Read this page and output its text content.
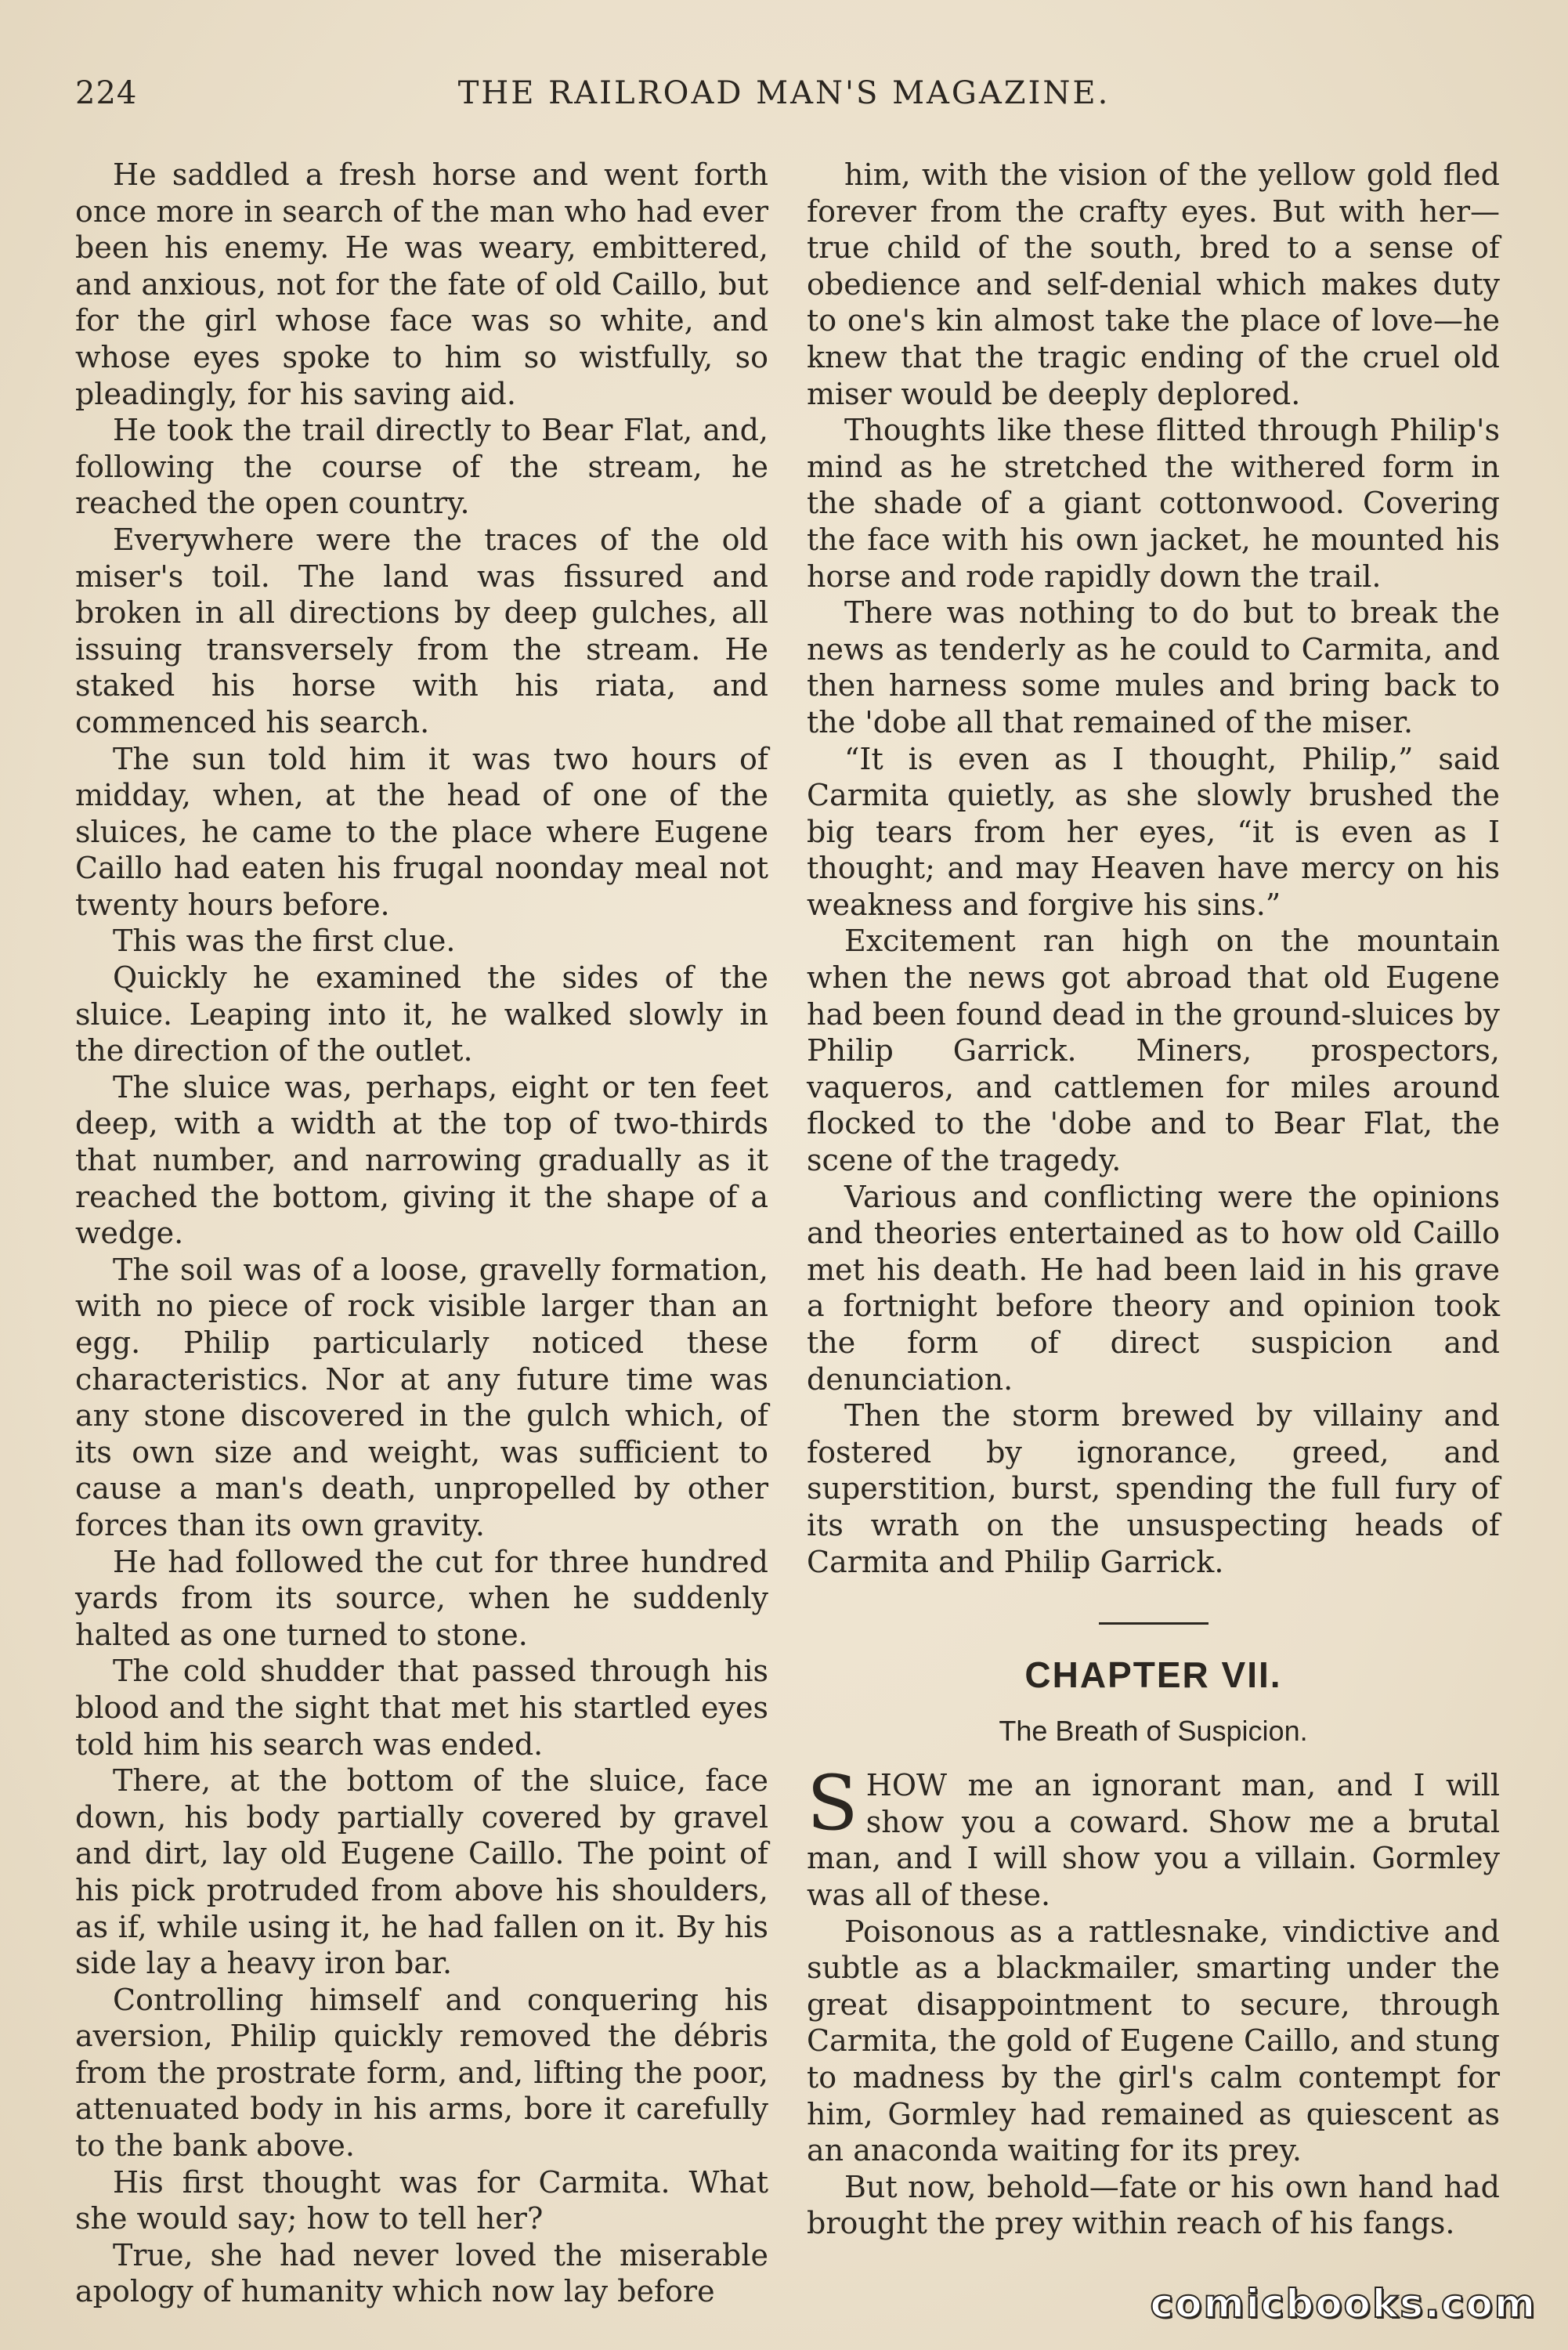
224	THE RAILROAD MAN'S MAGAZINE.

He saddled a fresh horse and went forth once more in search of the man who had ever been his enemy. He was weary, embittered, and anxious, not for the fate of old Caillo, but for the girl whose face was so white, and whose eyes spoke to him so wistfully, so pleadingly, for his saving aid.

He took the trail directly to Bear Flat, and, following the course of the stream, he reached the open country.

Everywhere were the traces of the old miser's toil. The land was fissured and broken in all directions by deep gulches, all issuing transversely from the stream. He staked his horse with his riata, and commenced his search.

The sun told him it was two hours of midday, when, at the head of one of the sluices, he came to the place where Eugene Caillo had eaten his frugal noonday meal not twenty hours before.

This was the first clue.

Quickly he examined the sides of the sluice. Leaping into it, he walked slowly in the direction of the outlet.

The sluice was, perhaps, eight or ten feet deep, with a width at the top of two-thirds that number, and narrowing gradually as it reached the bottom, giving it the shape of a wedge.

The soil was of a loose, gravelly formation, with no piece of rock visible larger than an egg. Philip particularly noticed these characteristics. Nor at any future time was any stone discovered in the gulch which, of its own size and weight, was sufficient to cause a man's death, unpropelled by other forces than its own gravity.

He had followed the cut for three hundred yards from its source, when he suddenly halted as one turned to stone.

The cold shudder that passed through his blood and the sight that met his startled eyes told him his search was ended.

There, at the bottom of the sluice, face down, his body partially covered by gravel and dirt, lay old Eugene Caillo. The point of his pick protruded from above his shoulders, as if, while using it, he had fallen on it. By his side lay a heavy iron bar.

Controlling himself and conquering his aversion, Philip quickly removed the débris from the prostrate form, and, lifting the poor, attenuated body in his arms, bore it carefully to the bank above.

His first thought was for Carmita. What she would say; how to tell her?

True, she had never loved the miserable apology of humanity which now lay before

him, with the vision of the yellow gold fled forever from the crafty eyes. But with her—true child of the south, bred to a sense of obedience and self-denial which makes duty to one's kin almost take the place of love—he knew that the tragic ending of the cruel old miser would be deeply deplored.

Thoughts like these flitted through Philip's mind as he stretched the withered form in the shade of a giant cottonwood. Covering the face with his own jacket, he mounted his horse and rode rapidly down the trail.

There was nothing to do but to break the news as tenderly as he could to Carmita, and then harness some mules and bring back to the 'dobe all that remained of the miser.

“It is even as I thought, Philip,” said Carmita quietly, as she slowly brushed the big tears from her eyes, “it is even as I thought; and may Heaven have mercy on his weakness and forgive his sins.”

Excitement ran high on the mountain when the news got abroad that old Eugene had been found dead in the ground-sluices by Philip Garrick. Miners, prospectors, vaqueros, and cattlemen for miles around flocked to the 'dobe and to Bear Flat, the scene of the tragedy.

Various and conflicting were the opinions and theories entertained as to how old Caillo met his death. He had been laid in his grave a fortnight before theory and opinion took the form of direct suspicion and denunciation.

Then the storm brewed by villainy and fostered by ignorance, greed, and superstition, burst, spending the full fury of its wrath on the unsuspecting heads of Carmita and Philip Garrick.

CHAPTER VII.
The Breath of Suspicion.

SHOW me an ignorant man, and I will show you a coward. Show me a brutal man, and I will show you a villain. Gormley was all of these.

Poisonous as a rattlesnake, vindictive and subtle as a blackmailer, smarting under the great disappointment to secure, through Carmita, the gold of Eugene Caillo, and stung to madness by the girl's calm contempt for him, Gormley had remained as quiescent as an anaconda waiting for its prey.

But now, behold—fate or his own hand had brought the prey within reach of his fangs.

comicbooks.com
